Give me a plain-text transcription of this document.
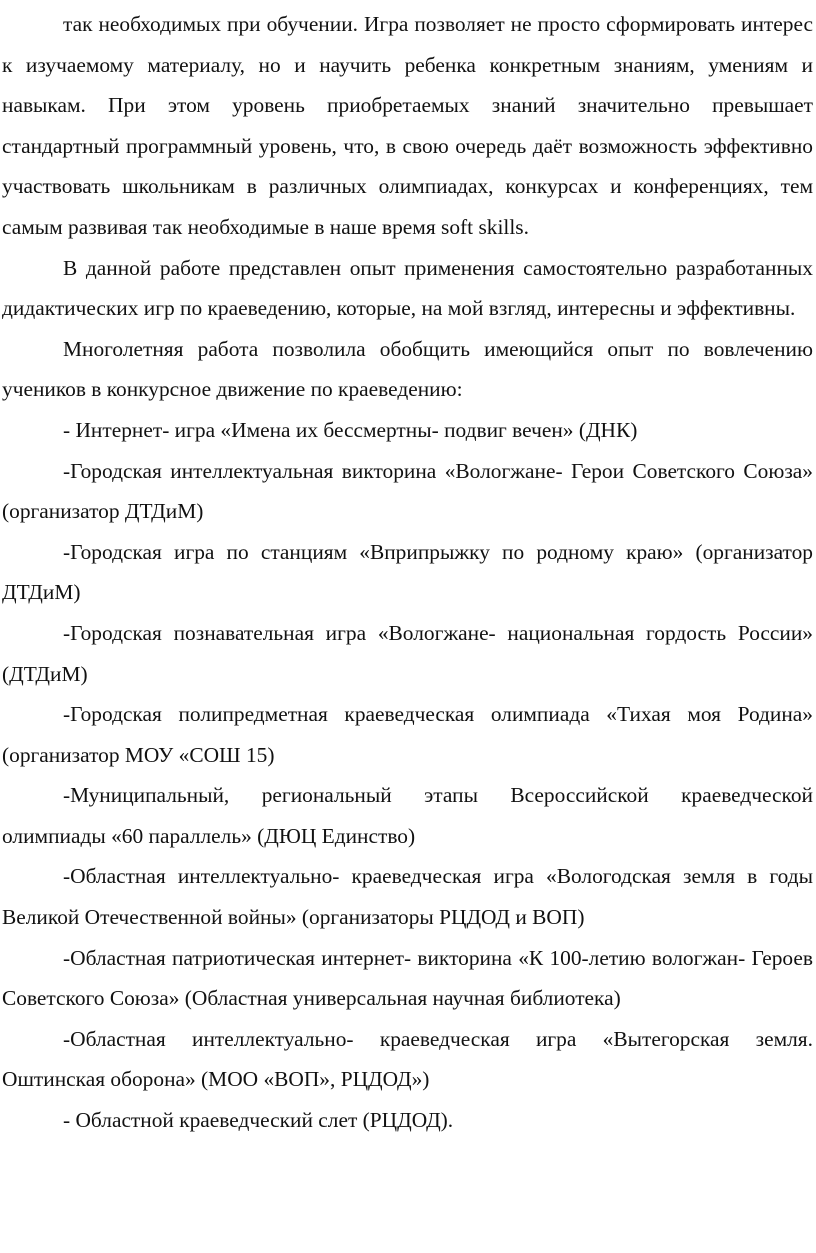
так необходимых при обучении. Игра позволяет не просто сформировать интерес к изучаемому материалу, но и научить ребенка конкретным знаниям, умениям и навыкам. При этом уровень приобретаемых знаний значительно превышает стандартный программный уровень, что, в свою очередь даёт возможность эффективно участвовать школьникам в различных олимпиадах, конкурсах и конференциях, тем самым развивая так необходимые в наше время soft skills.

В данной работе представлен опыт применения самостоятельно разработанных дидактических игр по краеведению, которые, на мой взгляд, интересны и эффективны.

Многолетняя работа позволила обобщить имеющийся опыт по вовлечению учеников в конкурсное движение по краеведению:

- Интернет- игра «Имена их бессмертны- подвиг вечен» (ДНК)

-Городская интеллектуальная викторина «Вологжане- Герои Советского Союза» (организатор ДТДиМ)

-Городская игра по станциям «Вприпрыжку по родному краю» (организатор ДТДиМ)

-Городская познавательная игра «Вологжане- национальная гордость России» (ДТДиМ)

-Городская полипредметная краеведческая олимпиада «Тихая моя Родина» (организатор МОУ «СОШ 15)

-Муниципальный, региональный этапы Всероссийской краеведческой олимпиады «60 параллель» (ДЮЦ Единство)

-Областная интеллектуально- краеведческая игра «Вологодская земля в годы Великой Отечественной войны» (организаторы РЦДОД и ВОП)

-Областная патриотическая интернет- викторина «К 100-летию вологжан- Героев Советского Союза» (Областная универсальная научная библиотека)

-Областная интеллектуально- краеведческая игра «Вытегорская земля. Оштинская оборона» (МОО «ВОП», РЦДОД»)

- Областной краеведческий слет (РЦДОД).
